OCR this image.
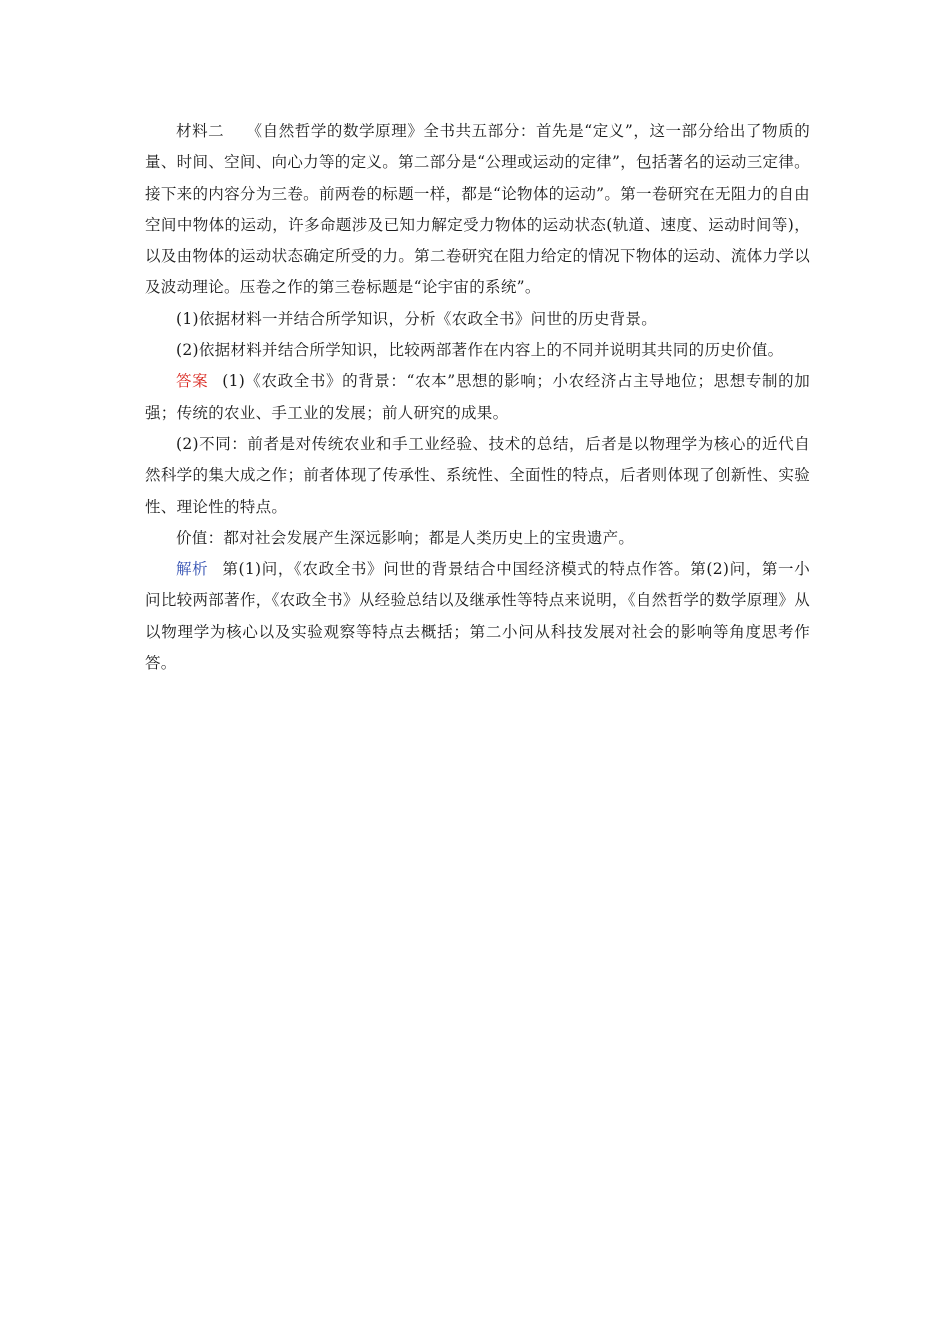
材料二 《自然哲学的数学原理》全书共五部分：首先是“定义”，这一部分给出了物质的量、时间、空间、向心力等的定义。第二部分是“公理或运动的定律”，包括著名的运动三定律。接下来的内容分为三卷。前两卷的标题一样，都是“论物体的运动”。第一卷研究在无阻力的自由空间中物体的运动，许多命题涉及已知力解定受力物体的运动状态(轨道、速度、运动时间等)，以及由物体的运动状态确定所受的力。第二卷研究在阻力给定的情况下物体的运动、流体力学以及波动理论。压卷之作的第三卷标题是“论宇宙的系统”。

(1)依据材料一并结合所学知识，分析《农政全书》问世的历史背景。

(2)依据材料并结合所学知识，比较两部著作在内容上的不同并说明其共同的历史价值。

答案 (1)《农政全书》的背景：“农本”思想的影响；小农经济占主导地位；思想专制的加强；传统的农业、手工业的发展；前人研究的成果。

(2)不同：前者是对传统农业和手工业经验、技术的总结，后者是以物理学为核心的近代自然科学的集大成之作；前者体现了传承性、系统性、全面性的特点，后者则体现了创新性、实验性、理论性的特点。

价值：都对社会发展产生深远影响；都是人类历史上的宝贵遗产。

解析 第(1)问，《农政全书》问世的背景结合中国经济模式的特点作答。第(2)问，第一小问比较两部著作，《农政全书》从经验总结以及继承性等特点来说明，《自然哲学的数学原理》从以物理学为核心以及实验观察等特点去概括；第二小问从科技发展对社会的影响等角度思考作答。
